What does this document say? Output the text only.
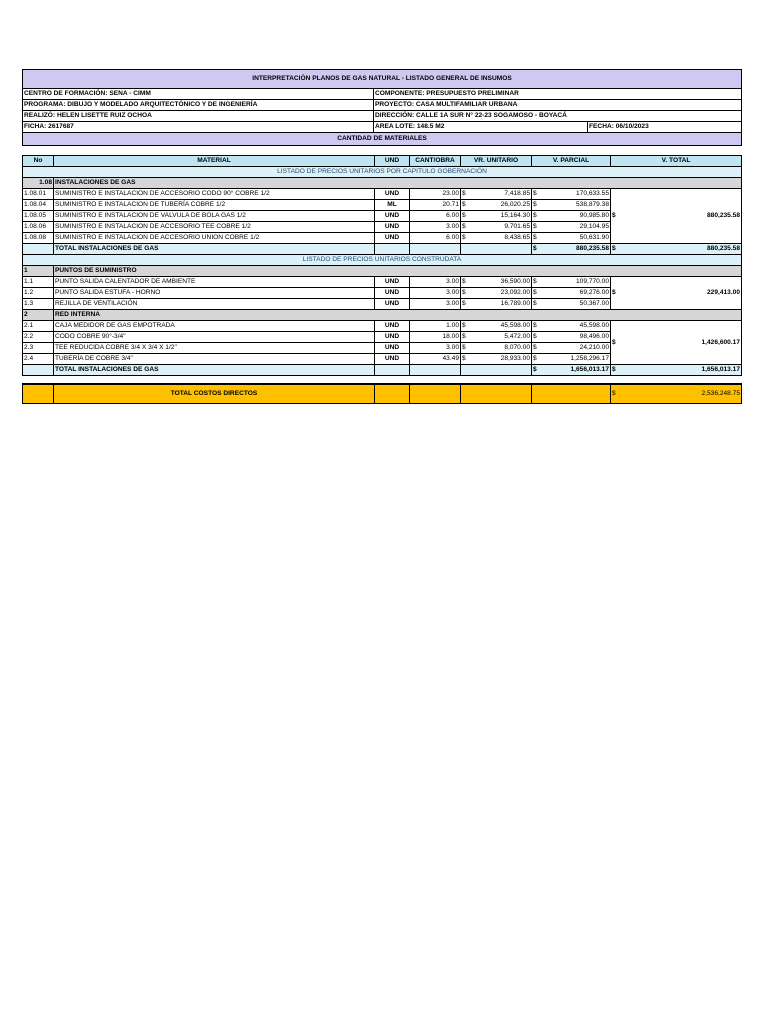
INTERPRETACIÓN PLANOS DE GAS NATURAL - LISTADO GENERAL DE INSUMOS		
CENTRO DE FORMACIÓN: SENA - CIMM	COMPONENTE: PRESUPUESTO PRELIMINAR	
PROGRAMA: DIBUJO Y MODELADO ARQUITECTÓNICO Y DE INGENIERÍA	PROYECTO: CASA MULTIFAMILIAR URBANA	
REALIZÓ: HELEN LISETTE RUIZ OCHOA	DIRECCIÓN: CALLE 1A SUR N° 22-23 SOGAMOSO - BOYACÁ	
FICHA: 2617687	AREA LOTE: 148.5 M2	FECHA: 06/10/2023
CANTIDAD DE MATERIALES		
No	MATERIAL	UND	CANT/OBRA	VR. UNITARIO	V. PARCIAL	V. TOTAL
LISTADO DE PRECIOS UNITARIOS POR CAPITULO GOBERNACIÓN						
1.08	INSTALACIONES DE GAS					
1.08.01	SUMINISTRO E INSTALACION DE ACCESORIO CODO 90° COBRE 1/2	UND	23.00	$ 7,418.85	$ 170,633.55	$ 880,235.58

1.08.04	SUMINISTRO E INSTALACION DE TUBERÍA COBRE 1/2	ML	20.71	$ 26,020.25	$ 538,879.38	

1.08.05	SUMINISTRO E INSTALACION DE VALVULA DE BOLA GAS 1/2	UND	6.00	$ 15,164.30	$ 90,985.80	

1.08.06	SUMINISTRO E INSTALACION DE ACCESORIO TEE COBRE 1/2	UND	3.00	$ 9,701.65	$ 29,104.95	

1.08.08	SUMINISTRO E INSTALACION DE ACCESORIO UNION COBRE 1/2	UND	6.00	$ 8,438.65	$ 50,631.90	

	TOTAL INSTALACIONES DE GAS				$ 880,235.58	$ 880,235.58

LISTADO DE PRECIOS UNITARIOS CONSTRUDATA						
1	PUNTOS DE SUMINISTRO					
1.1	PUNTO SALIDA CALENTADOR DE AMBIENTE	UND	3.00	$ 36,590.00	$ 109,770.00	$ 229,413.00

1.2	PUNTO SALIDA ESTUFA - HORNO	UND	3.00	$ 23,092.00	$ 69,276.00	

1.3	REJILLA DE VENTILACIÓN	UND	3.00	$ 16,789.00	$ 50,367.00	

2	RED INTERNA					
2.1	CAJA MEDIDOR DE GAS EMPOTRADA	UND	1.00	$ 45,598.00	$ 45,598.00	$ 1,426,600.17

2.2	CODO COBRE 90°-3/4"	UND	18.00	$ 5,472.00	$ 98,496.00	

2.3	TEE REDUCIDA COBRE 3/4 X 3/4 X 1/2"	UND	3.00	$ 8,070.00	$ 24,210.00	

2.4	TUBERÍA DE COBRE 3/4"	UND	43.49	$ 28,933.00	$ 1,258,296.17	

	TOTAL INSTALACIONES DE GAS				$ 1,656,013.17	$ 1,656,013.17

	TOTAL COSTOS DIRECTOS					$ 2,536,248.75
